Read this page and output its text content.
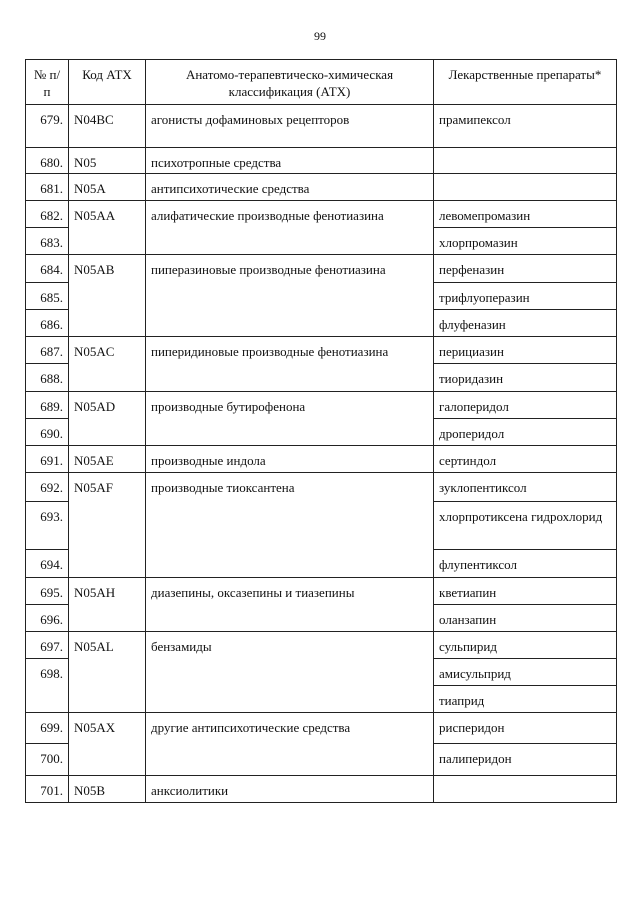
99
№ п/п	Код АТХ	Анатомо-терапевтическо-химическая классификация (АТХ)	Лекарственные препараты*
679.	N04BC	агонисты дофаминовых рецепторов	прамипексол
680.	N05	психотропные средства	
681.	N05A	антипсихотические средства	
682.	N05AA	алифатические производные фенотиазина	левомепромазин
683.			хлорпромазин
684.	N05AB	пиперазиновые производные фенотиазина	перфеназин
685.			трифлуоперазин
686.			флуфеназин
687.	N05AC	пиперидиновые производные фенотиазина	перициазин
688.			тиоридазин
689.	N05AD	производные бутирофенона	галоперидол
690.			дроперидол
691.	N05AE	производные индола	сертиндол
692.	N05AF	производные тиоксантена	зуклопентиксол
693.			хлорпротиксена гидрохлорид
694.			флупентиксол
695.	N05AH	диазепины, оксазепины и тиазепины	кветиапин
696.			оланзапин
697.	N05AL	бензамиды	сульпирид
698.			амисульприд
			тиаприд
699.	N05AX	другие антипсихотические средства	рисперидон
700.			палиперидон
701.	N05B	анксиолитики	
